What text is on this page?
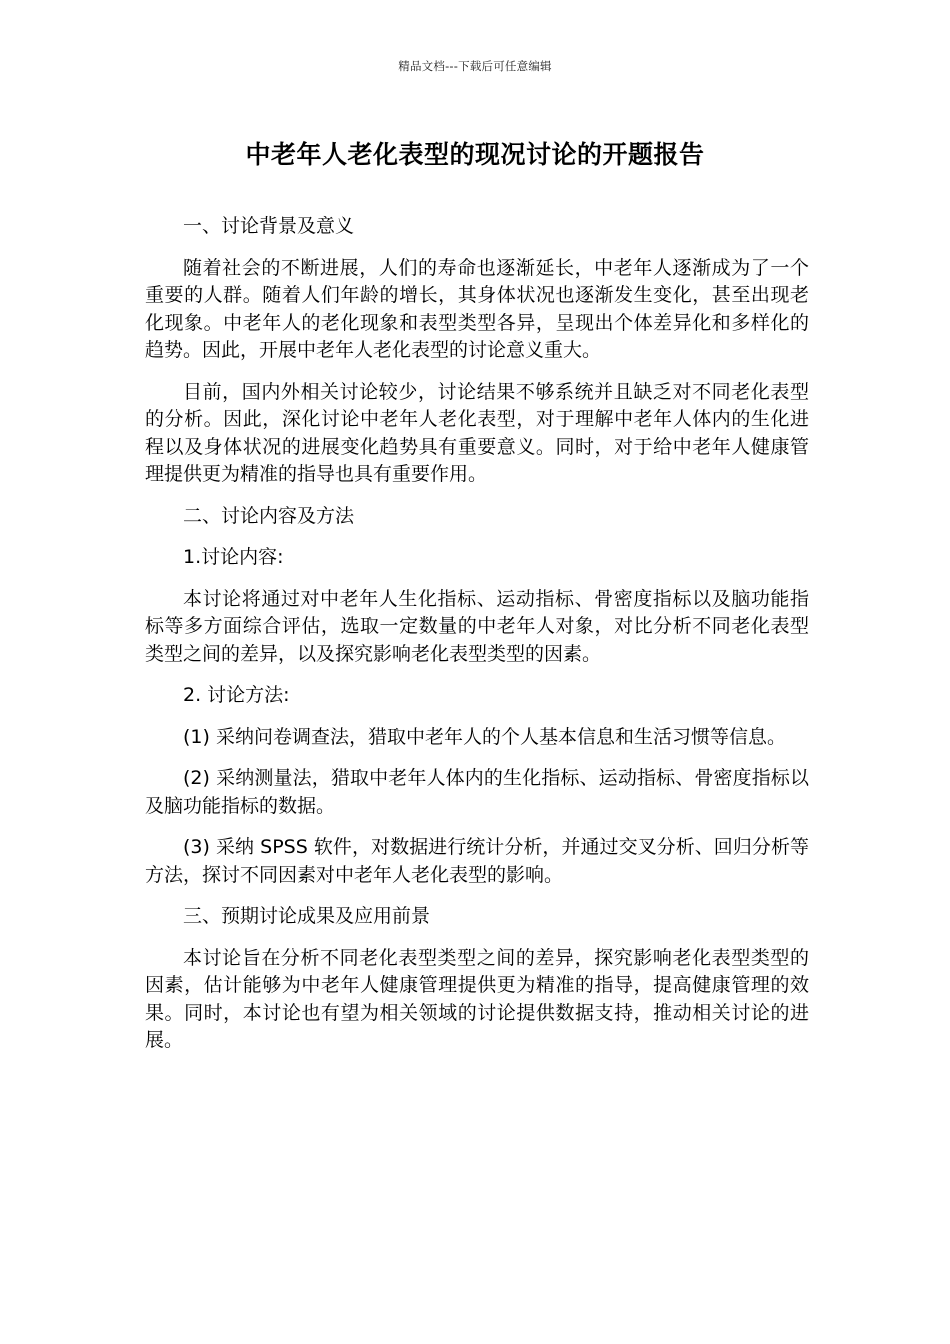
精品文档---下载后可任意编辑
中老年人老化表型的现况讨论的开题报告

一、讨论背景及意义

随着社会的不断进展，人们的寿命也逐渐延长，中老年人逐渐成为了一个重要的人群。随着人们年龄的增长，其身体状况也逐渐发生变化，甚至出现老化现象。中老年人的老化现象和表型类型各异，呈现出个体差异化和多样化的趋势。因此，开展中老年人老化表型的讨论意义重大。

目前，国内外相关讨论较少，讨论结果不够系统并且缺乏对不同老化表型的分析。因此，深化讨论中老年人老化表型，对于理解中老年人体内的生化进程以及身体状况的进展变化趋势具有重要意义。同时，对于给中老年人健康管理提供更为精准的指导也具有重要作用。

二、讨论内容及方法

1.讨论内容:

本讨论将通过对中老年人生化指标、运动指标、骨密度指标以及脑功能指标等多方面综合评估，选取一定数量的中老年人对象，对比分析不同老化表型类型之间的差异，以及探究影响老化表型类型的因素。

2. 讨论方法:

(1) 采纳问卷调查法，猎取中老年人的个人基本信息和生活习惯等信息。

(2) 采纳测量法，猎取中老年人体内的生化指标、运动指标、骨密度指标以及脑功能指标的数据。

(3) 采纳 SPSS 软件，对数据进行统计分析，并通过交叉分析、回归分析等方法，探讨不同因素对中老年人老化表型的影响。

三、预期讨论成果及应用前景

本讨论旨在分析不同老化表型类型之间的差异，探究影响老化表型类型的因素，估计能够为中老年人健康管理提供更为精准的指导，提高健康管理的效果。同时，本讨论也有望为相关领域的讨论提供数据支持，推动相关讨论的进展。
